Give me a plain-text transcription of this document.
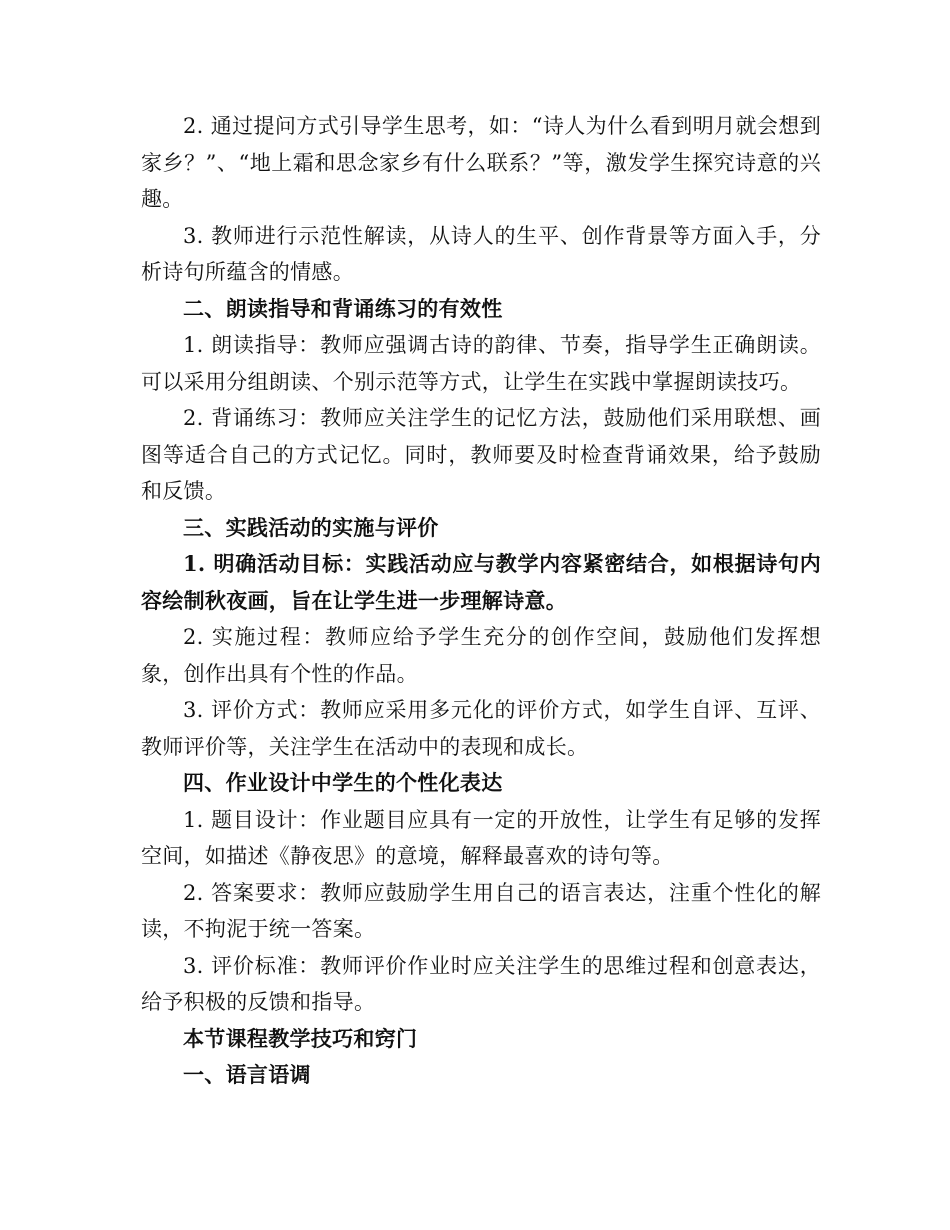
2. 通过提问方式引导学生思考，如：“诗人为什么看到明月就会想到家乡？”、“地上霜和思念家乡有什么联系？”等，激发学生探究诗意的兴趣。

3. 教师进行示范性解读，从诗人的生平、创作背景等方面入手，分析诗句所蕴含的情感。

二、朗读指导和背诵练习的有效性

1. 朗读指导：教师应强调古诗的韵律、节奏，指导学生正确朗读。可以采用分组朗读、个别示范等方式，让学生在实践中掌握朗读技巧。

2. 背诵练习：教师应关注学生的记忆方法，鼓励他们采用联想、画图等适合自己的方式记忆。同时，教师要及时检查背诵效果，给予鼓励和反馈。

三、实践活动的实施与评价

1. 明确活动目标：实践活动应与教学内容紧密结合，如根据诗句内容绘制秋夜画，旨在让学生进一步理解诗意。

2. 实施过程：教师应给予学生充分的创作空间，鼓励他们发挥想象，创作出具有个性的作品。

3. 评价方式：教师应采用多元化的评价方式，如学生自评、互评、教师评价等，关注学生在活动中的表现和成长。

四、作业设计中学生的个性化表达

1. 题目设计：作业题目应具有一定的开放性，让学生有足够的发挥空间，如描述《静夜思》的意境，解释最喜欢的诗句等。

2. 答案要求：教师应鼓励学生用自己的语言表达，注重个性化的解读，不拘泥于统一答案。

3. 评价标准：教师评价作业时应关注学生的思维过程和创意表达，给予积极的反馈和指导。

本节课程教学技巧和窍门

一、语言语调
